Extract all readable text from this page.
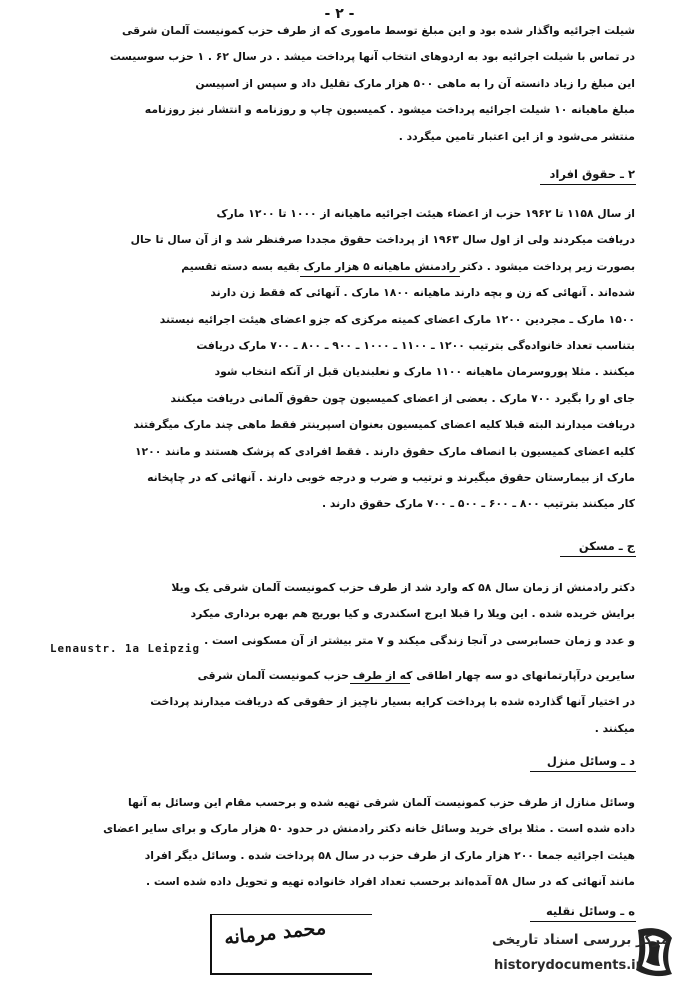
- ۲ -
شیلت اجرائیه واگذار شده بود و این مبلغ توسط ماموری که از طرف حزب کمونیست آلمان شرقی
در تماس با شیلت اجرائیه بود به اردوهای انتخاب آنها پرداخت میشد . در سال ۶۲ . ۱ حزب سوسیست
این مبلغ را زیاد دانسته آن را به ماهی ۵۰۰ هزار مارک تقلیل داد و سپس از اسپیسن
مبلغ ماهیانه ۱۰ شیلت اجرائیه پرداخت میشود . کمیسیون چاپ و روزنامه و انتشار نیز روزنامه
منتشر می‌شود و از این اعتبار تامین میگردد .
۲ ـ حقوق افراد
از سال ۱۱۵۸ تا ۱۹۶۲ حزب از اعضاء هیئت اجرائیه ماهیانه از ۱۰۰۰ تا ۱۲۰۰ مارک
دریافت میکردند ولی از اول سال ۱۹۶۳ از پرداخت حقوق مجددا صرفنظر شد و از آن سال تا حال
بصورت زیر پرداخت میشود . دکتر رادمنش ماهیانه ۵ هزار مارک بقیه بسه دسته تقسیم
شده‌اند . آنهائی که زن و بچه دارند ماهیانه ۱۸۰۰ مارک . آنهائی که فقط زن دارند
۱۵۰۰ مارک ـ مجردین ۱۲۰۰ مارک اعضای کمیته مرکزی که جزو اعضای هیئت اجرائیه نیستند
بتناسب تعداد خانواده‌گی بترتیب ۱۲۰۰ ـ ۱۱۰۰ ـ ۱۰۰۰ ـ ۹۰۰ ـ ۸۰۰ ـ ۷۰۰ مارک دریافت
میکنند . مثلا پوروسرمان ماهیانه ۱۱۰۰ مارک و نعلبندیان قبل از آنکه انتخاب شود
جای او را بگیرد ۷۰۰ مارک . بعضی از اعضای کمیسیون چون حقوق آلمانی دریافت میکنند
دریافت میدارند البته قبلا کلیه اعضای کمیسیون بعنوان اسپرینتر فقط ماهی چند مارک میگرفتند
کلیه اعضای کمیسیون با انصاف مارک حقوق دارند . فقط افرادی که پزشک هستند و مانند ۱۲۰۰
مارک از بیمارستان حقوق میگیرند و ترتیب و ضرب و درجه خوبی دارند . آنهائی که در چاپخانه
کار میکنند بترتیب ۸۰۰ ـ ۶۰۰ ـ ۵۰۰ ـ ۷۰۰ مارک حقوق دارند .
ج ـ مسکن
دکتر رادمنش از زمان سال ۵۸ که وارد شد از طرف حزب کمونیست آلمان شرقی یک ویلا
برایش خریده شده . این ویلا را قبلا ایرج اسکندری و کیا بوریج هم بهره برداری میکرد
و عدد و زمان حسابرسی در آنجا زندگی میکند و ۷ متر بیشتر از آن مسکونی است .
Lenaustr. 1a Leipzig
سایرین درآپارتمانهای دو سه چهار اطاقی که از طرف حزب کمونیست آلمان شرقی
در اختیار آنها گذارده شده با پرداخت کرایه بسیار ناچیز از حقوقی که دریافت میدارند پرداخت
میکنند .
د ـ وسائل منزل
وسائل منازل از طرف حزب کمونیست آلمان شرقی تهیه شده و برحسب مقام این وسائل به آنها
داده شده است . مثلا برای خرید وسائل خانه دکتر رادمنش در حدود ۵۰ هزار مارک و برای سایر اعضای
هیئت اجرائیه جمعا ۲۰۰ هزار مارک از طرف حزب در سال ۵۸ پرداخت شده . وسائل دیگر افراد
مانند آنهائی که در سال ۵۸ آمده‌اند برحسب تعداد افراد خانواده تهیه و تحویل داده شده است .
ه ـ وسائل نقلیه
محمد مرمانه	مرکز بررسی اسناد تاریخی
historydocuments.ir
